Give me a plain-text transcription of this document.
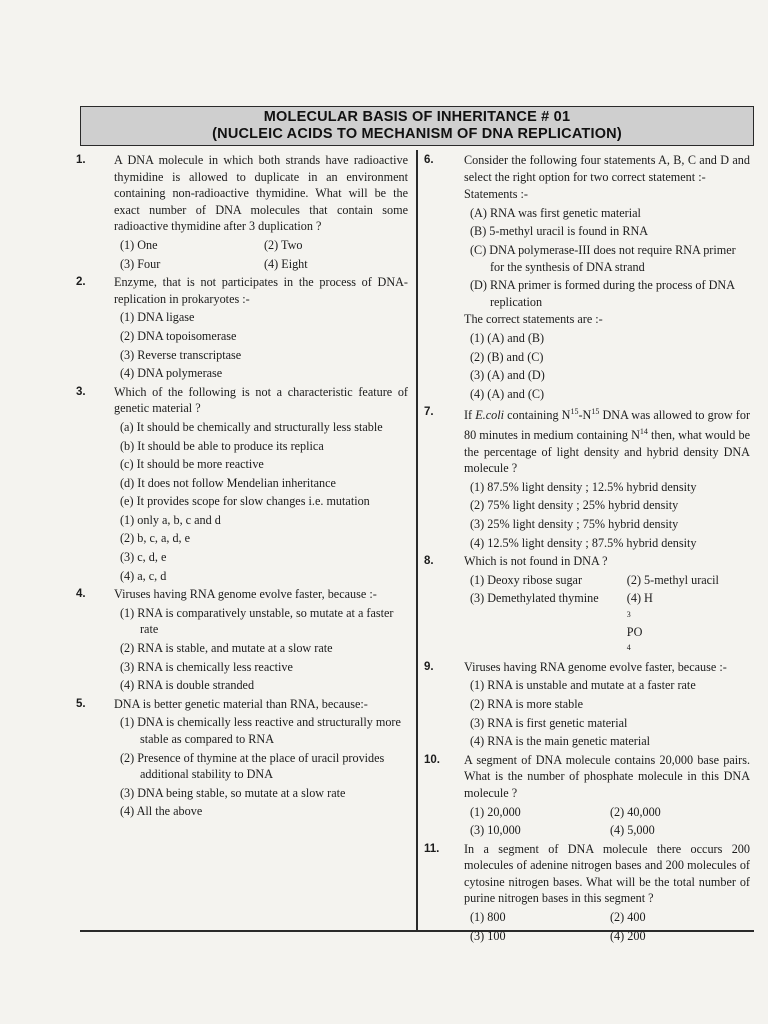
MOLECULAR BASIS OF INHERITANCE # 01
(NUCLEIC ACIDS TO MECHANISM OF DNA REPLICATION)
1.	A DNA molecule in which both strands have radioactive thymidine is allowed to duplicate in an environment containing non-radioactive thymidine. What will be the exact number of DNA molecules that contain some radioactive thymidine after 3 duplication ?
(1) One	(2) Two
(3) Four	(4) Eight
2.	Enzyme, that is not participates in the process of DNA-replication in prokaryotes :-
(1) DNA ligase
(2) DNA topoisomerase
(3) Reverse transcriptase
(4) DNA polymerase
3.	Which of the following is not a characteristic feature of genetic material ?
(a) It should be chemically and structurally less stable
(b) It should be able to produce its replica
(c) It should be more reactive
(d) It does not follow Mendelian inheritance
(e) It provides scope for slow changes i.e. mutation
(1) only a, b, c and d
(2) b, c, a, d, e
(3) c, d, e
(4) a, c, d
4.	Viruses having RNA genome evolve faster, because :-
(1) RNA is comparatively unstable, so mutate at a faster rate
(2) RNA is stable, and mutate at a slow rate
(3) RNA is chemically less reactive
(4) RNA is double stranded
5.	DNA is better genetic material than RNA, because:-
(1) DNA is chemically less reactive and structurally more stable as compared to RNA
(2) Presence of thymine at the place of uracil provides additional stability to DNA
(3) DNA being stable, so mutate at a slow rate
(4) All the above
6.	Consider the following four statements A, B, C and D and select the right option for two correct statement :-
Statements :-
(A) RNA was first genetic material
(B) 5-methyl uracil is found in RNA
(C) DNA polymerase-III does not require RNA primer for the synthesis of DNA strand
(D) RNA primer is formed during the process of DNA replication
The correct statements are :-
(1) (A) and (B)
(2) (B) and (C)
(3) (A) and (D)
(4) (A) and (C)
7.	If E.coli containing $N^{15}-N^{15}$ DNA was allowed to grow for 80 minutes in medium containing $N^{14}$ then, what would be the percentage of light density and hybrid density DNA molecule ?
(1) 87.5% light density ; 12.5% hybrid density
(2) 75% light density ; 25% hybrid density
(3) 25% light density ; 75% hybrid density
(4) 12.5% light density ; 87.5% hybrid density
8.	Which is not found in DNA ?
(1) Deoxy ribose sugar	(2) 5-methyl uracil
(3) Demethylated thymine	(4) H
3
PO
4
9.	Viruses having RNA genome evolve faster, because :-
(1) RNA is unstable and mutate at a faster rate
(2) RNA is more stable
(3) RNA is first genetic material
(4) RNA is the main genetic material
10.	A segment of DNA molecule contains 20,000 base pairs. What is the number of phosphate molecule in this DNA molecule ?
(1) 20,000	(2) 40,000
(3) 10,000	(4) 5,000
11.	In a segment of DNA molecule there occurs 200 molecules of adenine nitrogen bases and 200 molecules of cytosine nitrogen bases. What will be the total number of purine nitrogen bases in this segment ?
(1) 800	(2) 400
(3) 100	(4) 200
